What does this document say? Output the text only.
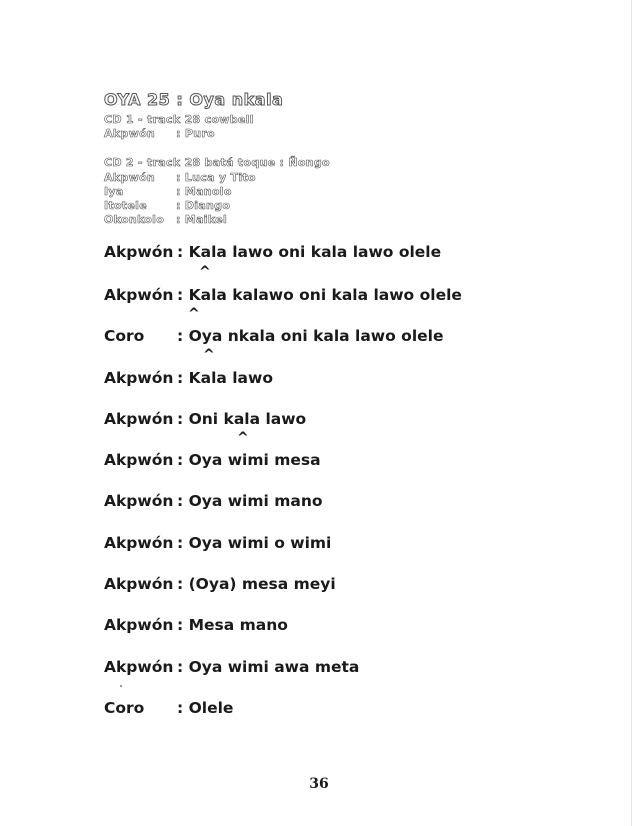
OYA 25 : Oya nkala
CD 1 - track 28 cowbell
Akpwón : Puro
CD 2 - track 28 batá toque : Ñongo
Akpwón : Luca y Tito
Iya	: Manolo
Itotele	: Diango
Okonkolo : Maikel
Akpwón : Kala lawo oni kala lawo olele
^
Akpwón : Kala kalawo oni kala lawo olele
^
Coro : Oya nkala oni kala lawo olele
^
Akpwón : Kala lawo
Akpwón : Oni kala lawo
^
Akpwón : Oya wimi mesa
Akpwón : Oya wimi mano
Akpwón : Oya wimi o wimi
Akpwón : (Oya) mesa meyi
Akpwón : Mesa mano
Akpwón : Oya wimi awa meta
Coro : Olele
36
